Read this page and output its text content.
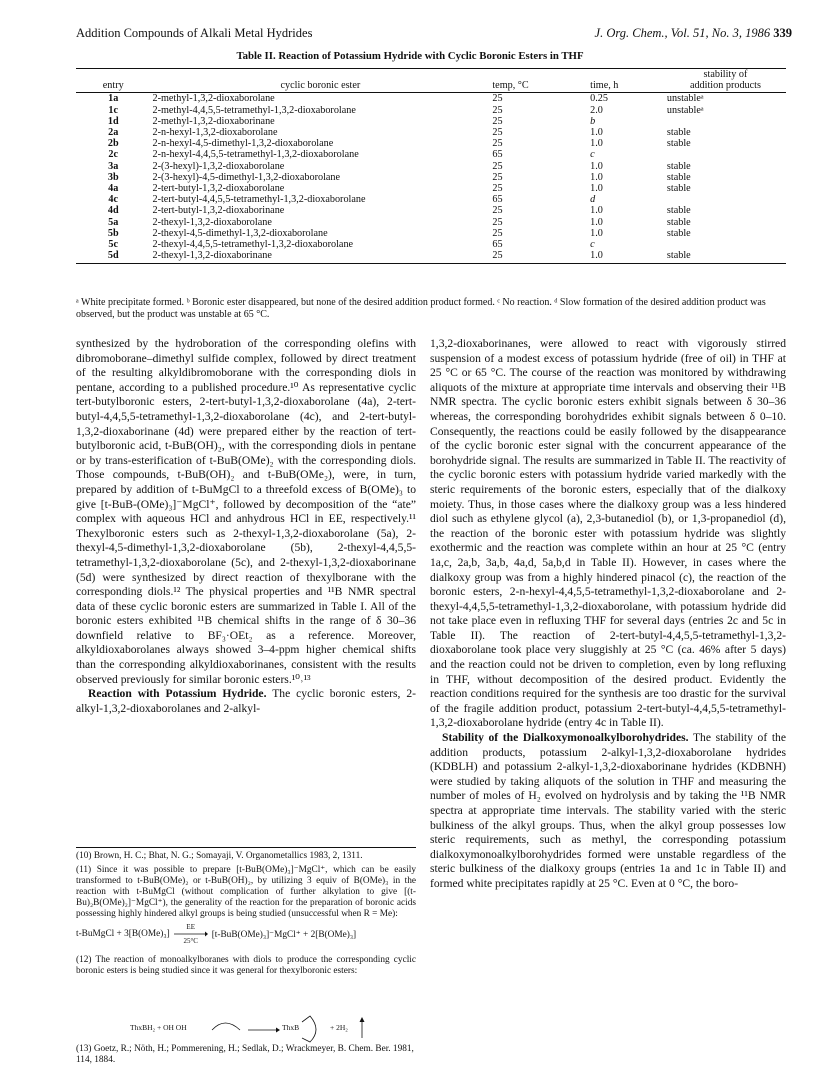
Addition Compounds of Alkali Metal Hydrides	J. Org. Chem., Vol. 51, No. 3, 1986 339
Table II. Reaction of Potassium Hydride with Cyclic Boronic Esters in THF
				stability of
entry	cyclic boronic ester	temp, °C	time, h	addition products
1a	2-methyl-1,3,2-dioxaborolane	25	0.25	unstableᵃ
1c	2-methyl-4,4,5,5-tetramethyl-1,3,2-dioxaborolane	25	2.0	unstableᵃ
1d	2-methyl-1,3,2-dioxaborinane	25	b	
2a	2-n-hexyl-1,3,2-dioxaborolane	25	1.0	stable
2b	2-n-hexyl-4,5-dimethyl-1,3,2-dioxaborolane	25	1.0	stable
2c	2-n-hexyl-4,4,5,5-tetramethyl-1,3,2-dioxaborolane	65	c	
3a	2-(3-hexyl)-1,3,2-dioxaborolane	25	1.0	stable
3b	2-(3-hexyl)-4,5-dimethyl-1,3,2-dioxaborolane	25	1.0	stable
4a	2-tert-butyl-1,3,2-dioxaborolane	25	1.0	stable
4c	2-tert-butyl-4,4,5,5-tetramethyl-1,3,2-dioxaborolane	65	d	
4d	2-tert-butyl-1,3,2-dioxaborinane	25	1.0	stable
5a	2-thexyl-1,3,2-dioxaborolane	25	1.0	stable
5b	2-thexyl-4,5-dimethyl-1,3,2-dioxaborolane	25	1.0	stable
5c	2-thexyl-4,4,5,5-tetramethyl-1,3,2-dioxaborolane	65	c	
5d	2-thexyl-1,3,2-dioxaborinane	25	1.0	stable
ᵃ White precipitate formed. ᵇ Boronic ester disappeared, but none of the desired addition product formed. ᶜ No reaction. ᵈ Slow formation of the desired addition product was observed, but the product was unstable at 65 °C.

synthesized by the hydroboration of the corresponding olefins with dibromoborane–dimethyl sulfide complex, followed by direct treatment of the resulting alkyldibromoborane with the corresponding diols in pentane, according to a published procedure.¹⁰ As representative cyclic tert-butylboronic esters, 2-tert-butyl-1,3,2-dioxaborolane (4a), 2-tert-butyl-4,4,5,5-tetramethyl-1,3,2-dioxaborolane (4c), and 2-tert-butyl-1,3,2-dioxaborinane (4d) were prepared either by the reaction of tert-butylboronic acid, t-BuB(OH)₂, with the corresponding diols in pentane or by trans-esterification of t-BuB(OMe)₂ with the corresponding diols. Those compounds, t-BuB(OH)₂ and t-BuB(OMe₂), were, in turn, prepared by addition of t-BuMgCl to a threefold excess of B(OMe)₃ to give [t-BuB-(OMe)₃]⁻MgCl⁺, followed by decomposition of the “ate” complex with aqueous HCl and anhydrous HCl in EE, respectively.¹¹ Thexylboronic esters such as 2-thexyl-1,3,2-dioxaborolane (5a), 2-thexyl-4,5-dimethyl-1,3,2-dioxaborolane (5b), 2-thexyl-4,4,5,5-tetramethyl-1,3,2-dioxaborolane (5c), and 2-thexyl-1,3,2-dioxaborinane (5d) were synthesized by direct reaction of thexylborane with the corresponding diols.¹² The physical properties and ¹¹B NMR spectral data of these cyclic boronic esters are summarized in Table I. All of the boronic esters exhibited ¹¹B chemical shifts in the range of δ 30–36 downfield relative to BF₃·OEt₂ as a reference. Moreover, alkyldioxaborolanes always showed 3–4-ppm higher chemical shifts than the corresponding alkyldioxaborinanes, consistent with the results observed previously for similar boronic esters.¹⁰˒¹³

Reaction with Potassium Hydride. The cyclic boronic esters, 2-alkyl-1,3,2-dioxaborolanes and 2-alkyl-

1,3,2-dioxaborinanes, were allowed to react with vigorously stirred suspension of a modest excess of potassium hydride (free of oil) in THF at 25 °C or 65 °C. The course of the reaction was monitored by withdrawing aliquots of the mixture at appropriate time intervals and observing their ¹¹B NMR spectra. The cyclic boronic esters exhibit signals between δ 30–36 whereas, the corresponding borohydrides exhibit signals between δ 0–10. Consequently, the reactions could be easily followed by the disappearance of the cyclic boronic ester signal with the concurrent appearance of the borohydride signal. The results are summarized in Table II. The reactivity of the cyclic boronic esters with potassium hydride varied markedly with the steric requirements of the boronic esters, especially that of the dialkoxy moiety. Thus, in those cases where the dialkoxy group was a less hindered diol such as ethylene glycol (a), 2,3-butanediol (b), or 1,3-propanediol (d), the reaction of the boronic ester with potassium hydride was slightly exothermic and the reaction was complete within an hour at 25 °C (entry 1a,c, 2a,b, 3a,b, 4a,d, 5a,b,d in Table II). However, in cases where the dialkoxy group was from a highly hindered pinacol (c), the reaction of the boronic esters, 2-n-hexyl-4,4,5,5-tetramethyl-1,3,2-dioxaborolane and 2-thexyl-4,4,5,5-tetramethyl-1,3,2-dioxaborolane, with potassium hydride did not take place even in refluxing THF for several days (entries 2c and 5c in Table II). The reaction of 2-tert-butyl-4,4,5,5-tetramethyl-1,3,2-dioxaborolane took place very sluggishly at 25 °C (ca. 46% after 5 days) and the reaction could not be driven to completion, even by long refluxing in THF, without decomposition of the desired product. Evidently the reaction conditions required for the synthesis are too drastic for the survival of the fragile addition product, potassium 2-tert-butyl-4,4,5,5-tetramethyl-1,3,2-dioxaborolane hydride (entry 4c in Table II).

Stability of the Dialkoxymonoalkylborohydrides. The stability of the addition products, potassium 2-alkyl-1,3,2-dioxaborolane hydrides (KDBLH) and potassium 2-alkyl-1,3,2-dioxaborinane hydrides (KDBNH) were studied by taking aliquots of the solution in THF and measuring the number of moles of H₂ evolved on hydrolysis and by taking the ¹¹B NMR spectra at appropriate time intervals. The stability varied with the steric bulkiness of the alkyl groups. Thus, when the alkyl group possesses low steric requirements, such as methyl, the corresponding potassium dialkoxymonoalkylborohydrides formed were unstable regardless of the steric bulkiness of the dialkoxy groups (entries 1a and 1c in Table II) and formed white precipitates rapidly at 25 °C. Even at 0 °C, the boro-

(10) Brown, H. C.; Bhat, N. G.; Somayaji, V. Organometallics 1983, 2, 1311.

(11) Since it was possible to prepare [t-BuB(OMe)₃]⁻MgCl⁺, which can be easily transformed to t-BuB(OMe)₂ or t-BuB(OH)₂, by utilizing 3 equiv of B(OMe)₃ in the reaction with t-BuMgCl (without complication of further alkylation to give [(t-Bu)₂B(OMe)₂]⁻MgCl⁺), the generality of the reaction for the preparation of boronic acids possessing highly hindered alkyl groups is being studied (unsuccessful when R = Me):

t-BuMgCl + 3[B(OMe)₃]
EE
25°C
[t-BuB(OMe)₃]⁻MgCl⁺ + 2[B(OMe)₃]

(12) The reaction of monoalkylboranes with diols to produce the corresponding cyclic boronic esters is being studied since it was general for thexylboronic esters:

ThxBH₂ + OH OH	ThxB	+ 2H₂
(13) Goetz, R.; Nöth, H.; Pommerening, H.; Sedlak, D.; Wrackmeyer, B. Chem. Ber. 1981, 114, 1884.
